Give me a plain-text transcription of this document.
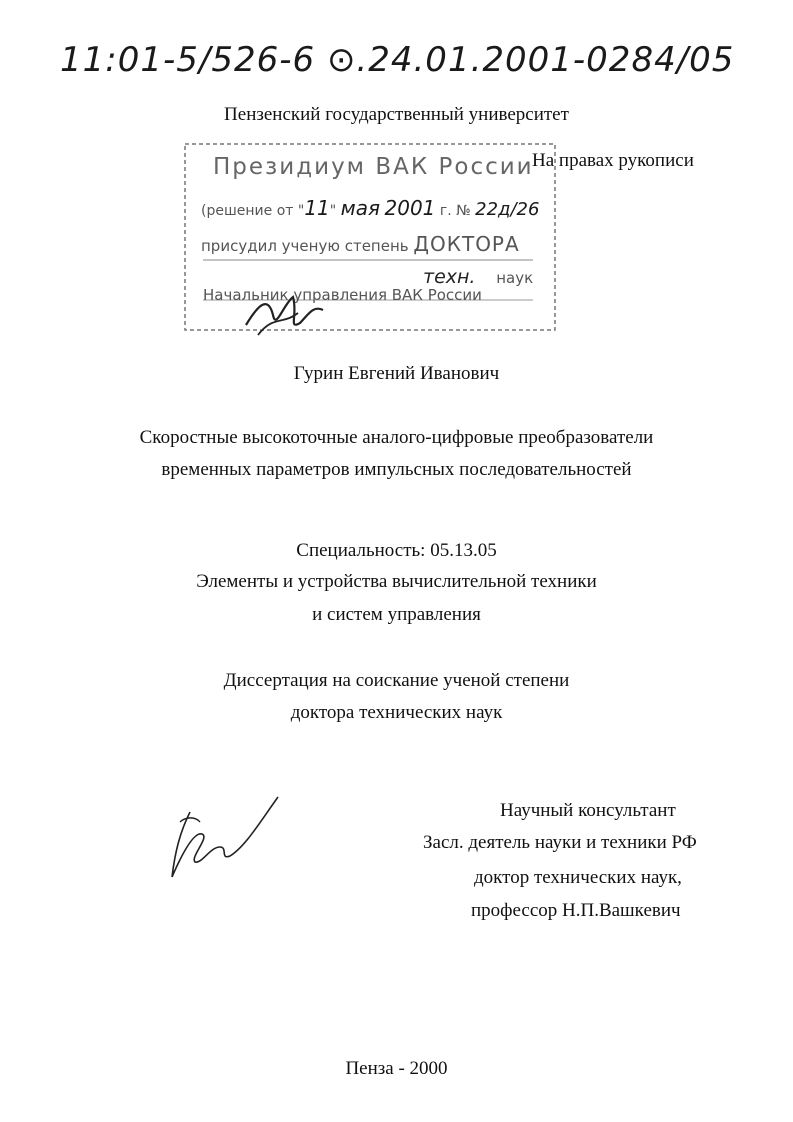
11:01-5/526-6 ⊙.24.01.2001-0284/05
Пензенский государственный университет
Президиум ВАК России
(решение от "11" мая 2001 г. № 22д/26
присудил ученую степень ДОКТОРА
техн. наук
Начальник управления ВАК России
На правах рукописи
Гурин Евгений Иванович
Скоростные высокоточные аналого-цифровые преобразователи
временных параметров импульсных последовательностей
Специальность: 05.13.05
Элементы и устройства вычислительной техники
и систем управления
Диссертация на соискание ученой степени
доктора технических наук
Научный консультант
Засл. деятель науки и техники РФ
доктор технических наук,
профессор Н.П.Вашкевич
Пенза - 2000
